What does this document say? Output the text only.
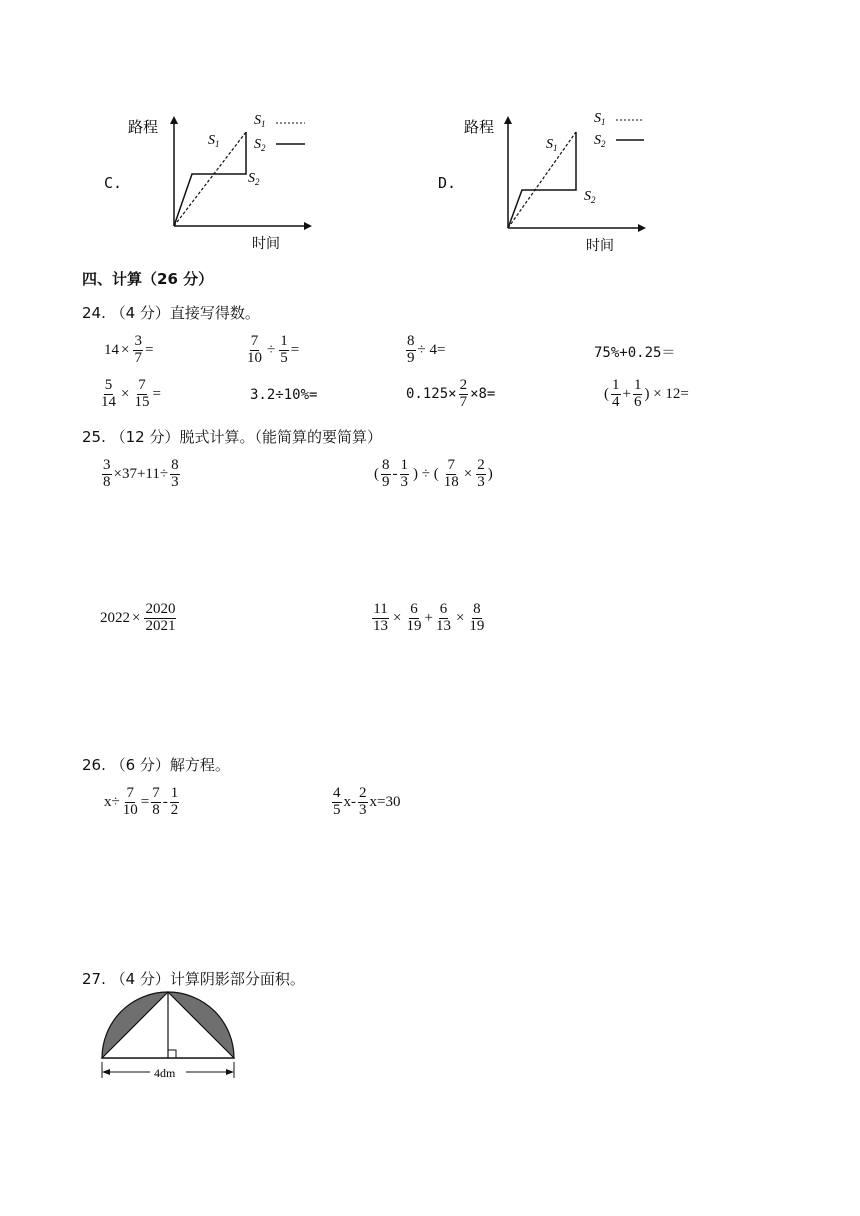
C.
路程
时间
$S_1$
$S_2$
$S_1$
$S_2$	D.
路程
时间
$S_1$
$S_2$
$S_1$
$S_2$
四、计算（26 分）
24. （4 分）直接写得数。
$14 \times \frac{3}{7}$ =	$\frac{7}{10} \div \frac{1}{5}$ =	$\frac{8}{9} \div 4=$	75%+0.25＝
$\frac{5}{14} \times \frac{7}{15}$ =	3.2÷10%=	$0.125\times \frac{2}{7} \times 8=$	( $\frac{1}{4} + \frac{1}{6}$ ) × 12=
25. （12 分）脱式计算。（能简算的要简算）
$\frac{3}{8} \times 37+11\div \frac{8}{3}$	( $\frac{8}{9} - \frac{1}{3}$ ) ÷ ( $\frac{7}{18} \times \frac{2}{3}$ )
$2022 \times \frac{2020}{2021}$	$\frac{11}{13} \times \frac{6}{19} + \frac{6}{13} \times \frac{8}{19}$
26. （6 分）解方程。
$x\div \frac{7}{10} = \frac{7}{8} - \frac{1}{2}$	$\frac{4}{5} x- \frac{2}{3} x=30$
27. （4 分）计算阴影部分面积。
4dm
